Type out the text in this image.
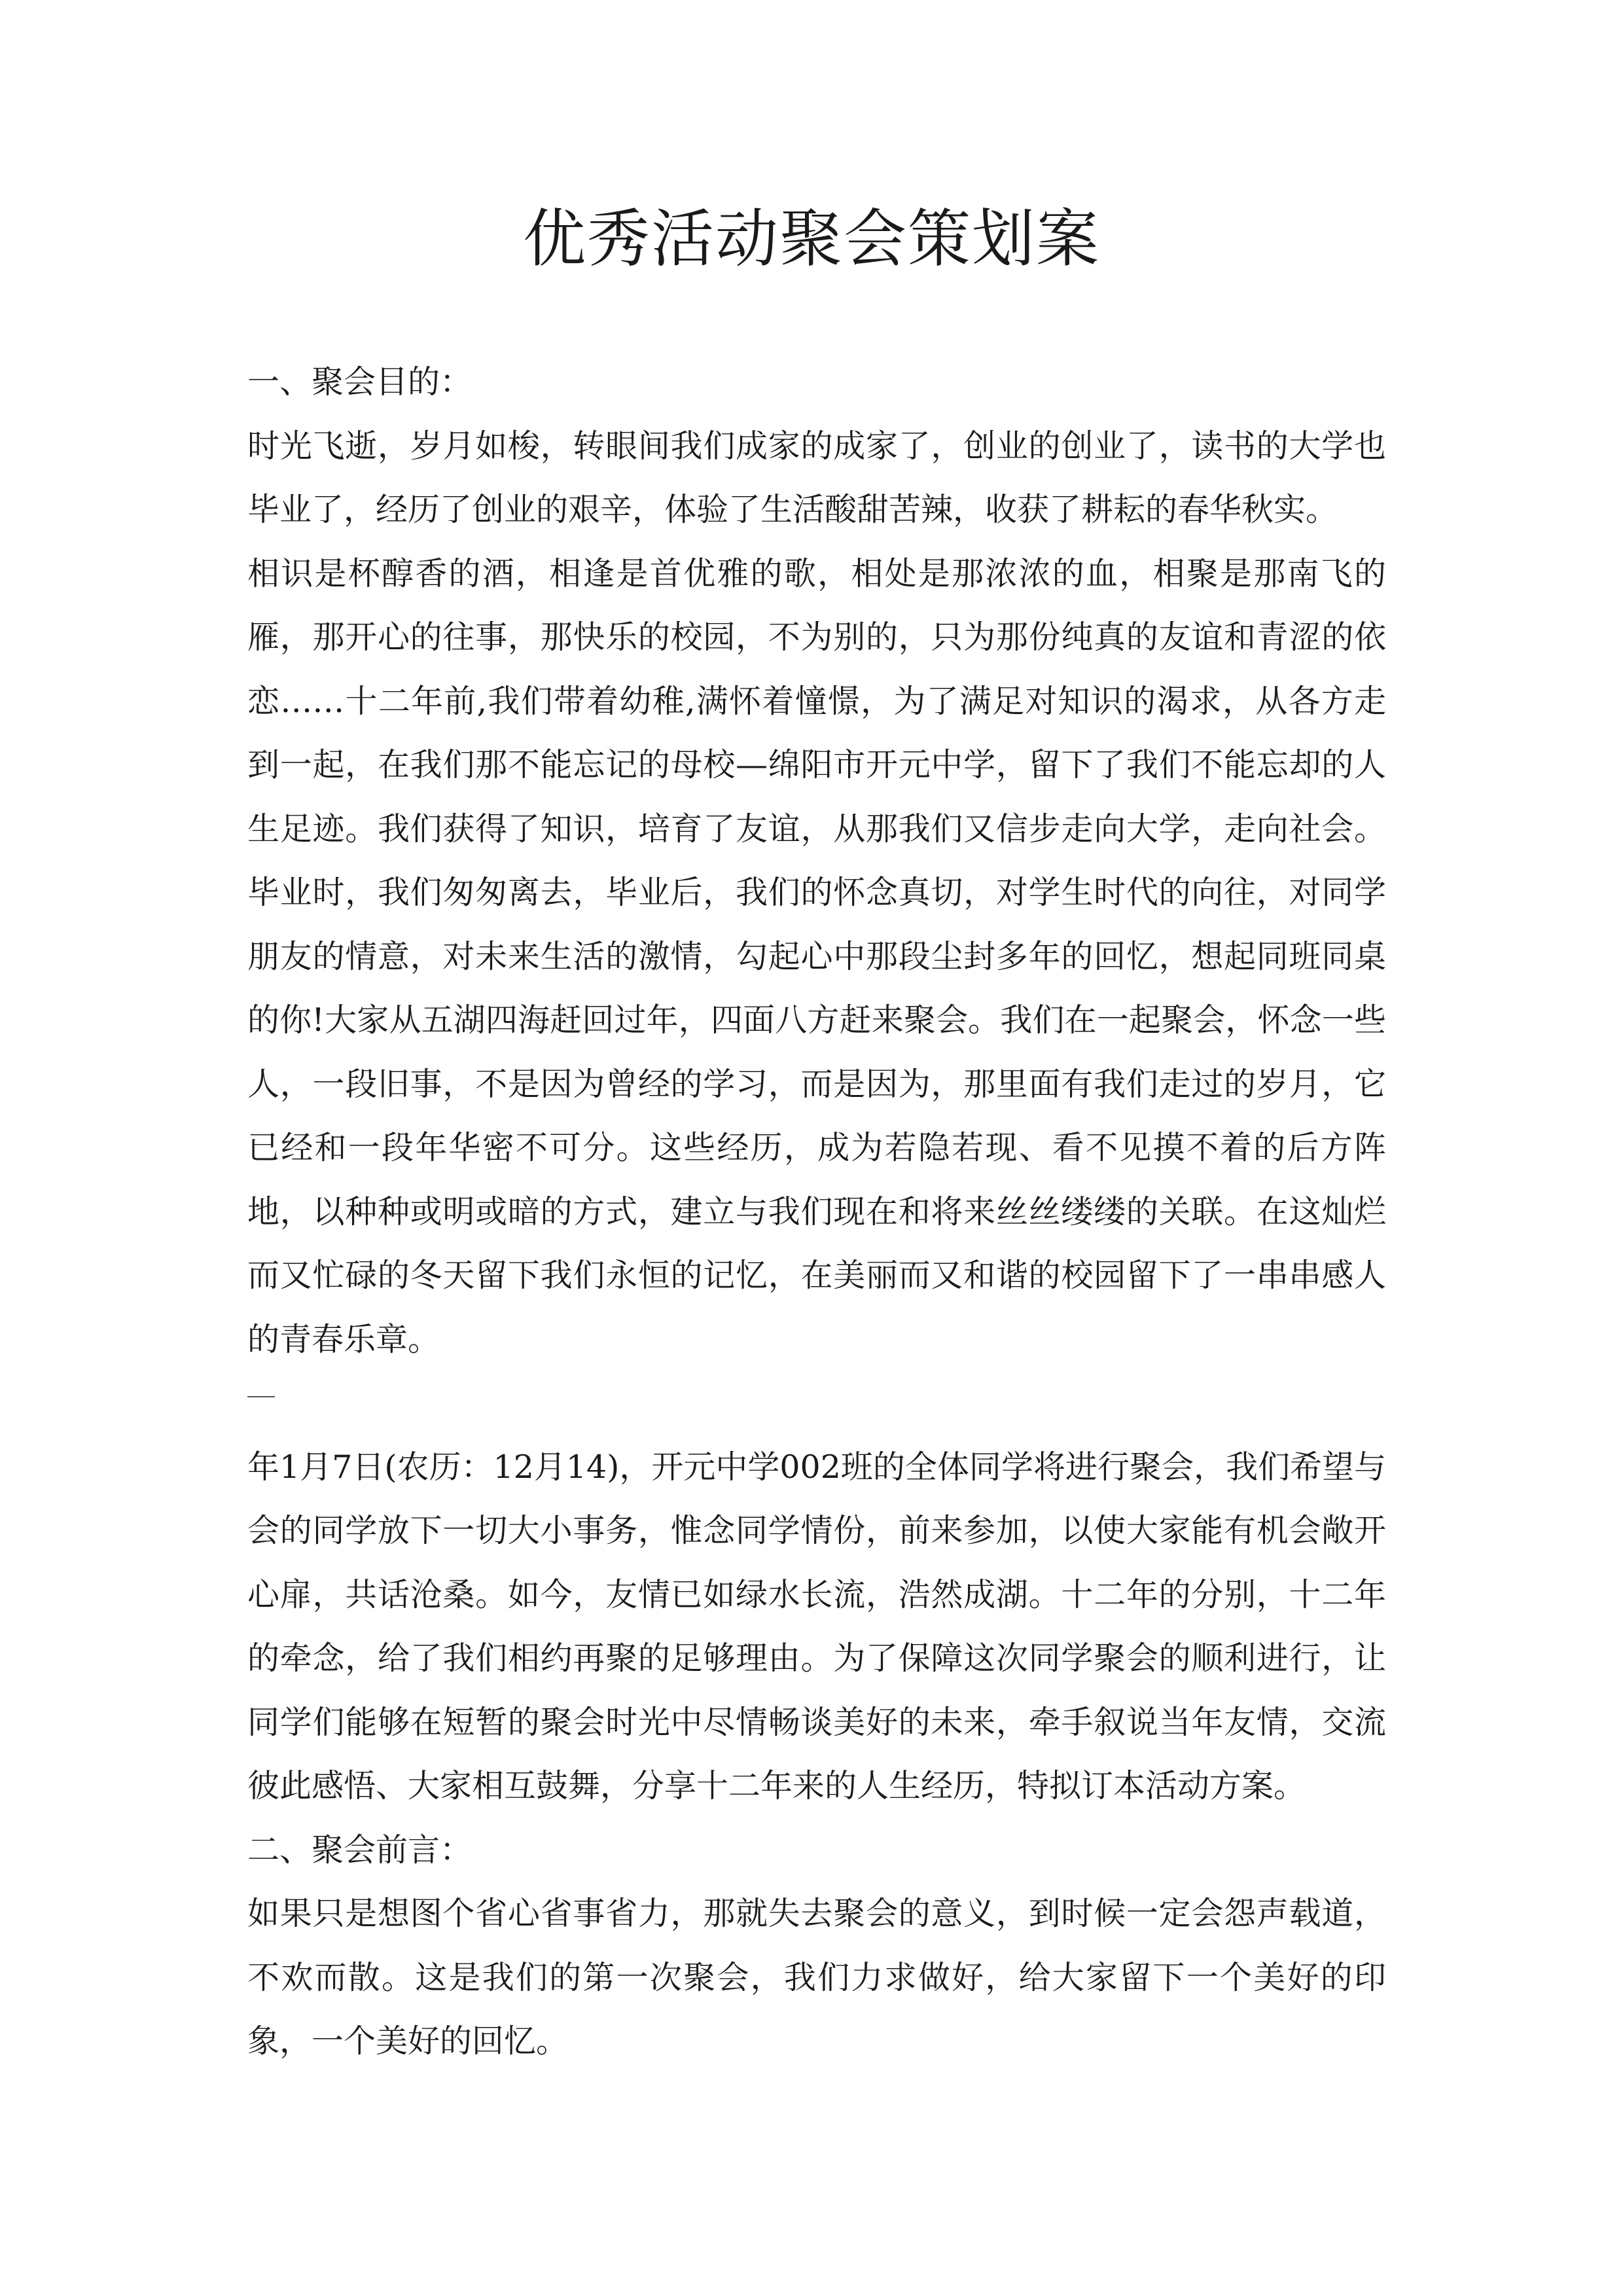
优秀活动聚会策划案

一、聚会目的：

时光飞逝，岁月如梭，转眼间我们成家的成家了，创业的创业了，读书的大学也毕业了，经历了创业的艰辛，体验了生活酸甜苦辣，收获了耕耘的春华秋实。

相识是杯醇香的酒，相逢是首优雅的歌，相处是那浓浓的血，相聚是那南飞的雁，那开心的往事，那快乐的校园，不为别的，只为那份纯真的友谊和青涩的依恋……十二年前,我们带着幼稚,满怀着憧憬，为了满足对知识的渴求，从各方走到一起，在我们那不能忘记的母校—绵阳市开元中学，留下了我们不能忘却的人生足迹。我们获得了知识，培育了友谊，从那我们又信步走向大学，走向社会。毕业时，我们匆匆离去，毕业后，我们的怀念真切，对学生时代的向往，对同学朋友的情意，对未来生活的激情，勾起心中那段尘封多年的回忆，想起同班同桌的你!大家从五湖四海赶回过年，四面八方赶来聚会。我们在一起聚会，怀念一些人，一段旧事，不是因为曾经的学习，而是因为，那里面有我们走过的岁月，它已经和一段年华密不可分。这些经历，成为若隐若现、看不见摸不着的后方阵地，以种种或明或暗的方式，建立与我们现在和将来丝丝缕缕的关联。在这灿烂而又忙碌的冬天留下我们永恒的记忆，在美丽而又和谐的校园留下了一串串感人的青春乐章。

年1月7日(农历：12月14)，开元中学002班的全体同学将进行聚会，我们希望与会的同学放下一切大小事务，惟念同学情份，前来参加，以使大家能有机会敞开心扉，共话沧桑。如今，友情已如绿水长流，浩然成湖。十二年的分别，十二年的牵念，给了我们相约再聚的足够理由。为了保障这次同学聚会的顺利进行，让同学们能够在短暂的聚会时光中尽情畅谈美好的未来，牵手叙说当年友情，交流彼此感悟、大家相互鼓舞，分享十二年来的人生经历，特拟订本活动方案。

二、聚会前言：

如果只是想图个省心省事省力，那就失去聚会的意义，到时候一定会怨声载道，不欢而散。这是我们的第一次聚会，我们力求做好，给大家留下一个美好的印象，一个美好的回忆。
